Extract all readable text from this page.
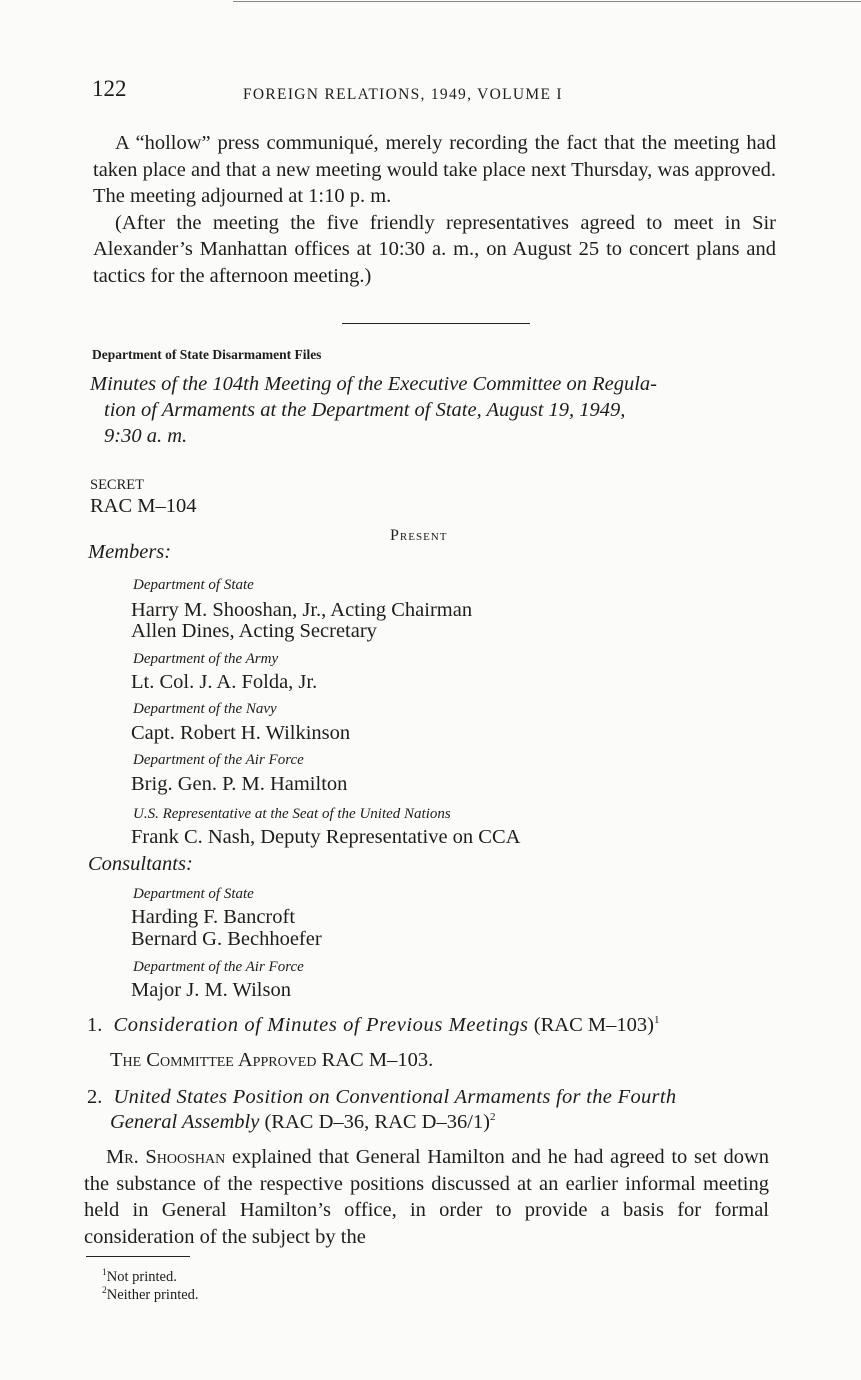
122	FOREIGN RELATIONS, 1949, VOLUME I

A “hollow” press communiqué, merely recording the fact that the meeting had taken place and that a new meeting would take place next Thursday, was approved. The meeting adjourned at 1:10 p. m.

(After the meeting the five friendly representatives agreed to meet in Sir Alexander’s Manhattan offices at 10:30 a. m., on August 25 to concert plans and tactics for the afternoon meeting.)

Department of State Disarmament Files
Minutes of the 104th Meeting of the Executive Committee on Regula-
tion of Armaments at the Department of State, August 19, 1949,
9:30 a. m.
SECRET
RAC M–104
Present
Members:
Department of State
Harry M. Shooshan, Jr., Acting Chairman
Allen Dines, Acting Secretary
Department of the Army
Lt. Col. J. A. Folda, Jr.
Department of the Navy
Capt. Robert H. Wilkinson
Department of the Air Force
Brig. Gen. P. M. Hamilton
U.S. Representative at the Seat of the United Nations
Frank C. Nash, Deputy Representative on CCA
Consultants:
Department of State
Harding F. Bancroft
Bernard G. Bechhoefer
Department of the Air Force
Major J. M. Wilson
1. Consideration of Minutes of Previous Meetings (RAC M–103)$^1$
The Committee Approved RAC M–103.
2. United States Position on Conventional Armaments for the Fourth
General Assembly (RAC D–36, RAC D–36/1)$^2$

Mr. Shooshan explained that General Hamilton and he had agreed to set down the substance of the respective positions discussed at an earlier informal meeting held in General Hamilton’s office, in order to provide a basis for formal consideration of the subject by the

$^1$Not printed.
$^2$Neither printed.
